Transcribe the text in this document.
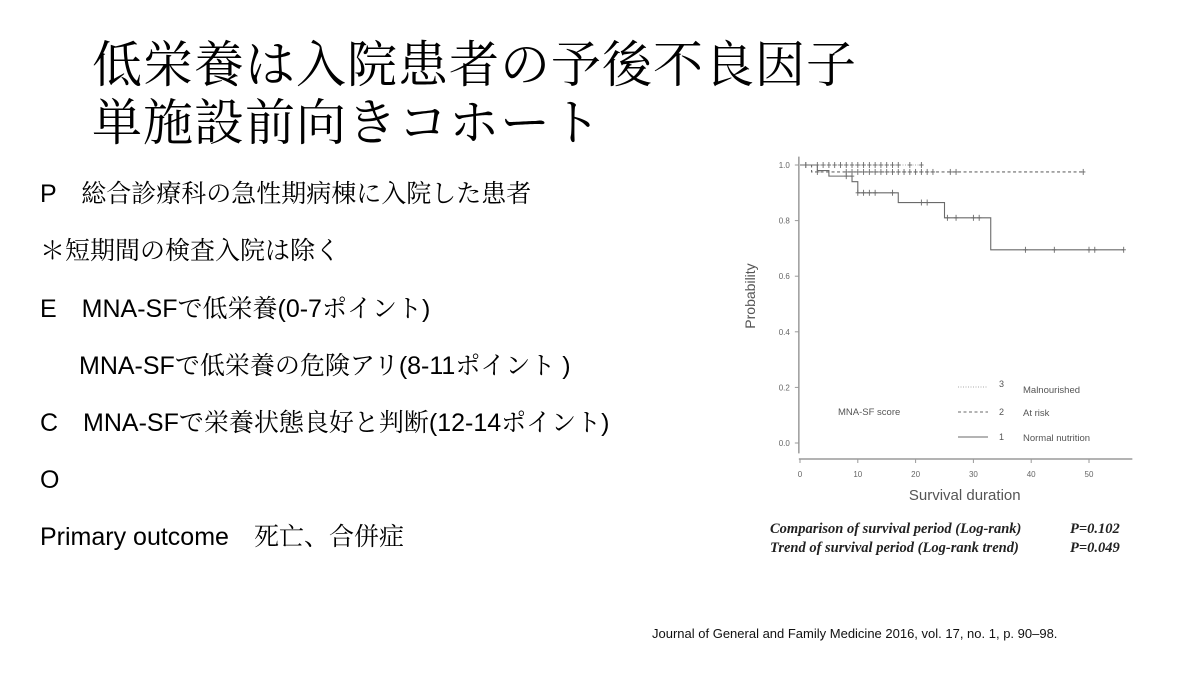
低栄養は入院患者の予後不良因子
単施設前向きコホート
P　総合診療科の急性期病棟に入院した患者
＊短期間の検査入院は除く
E　MNA-SFで低栄養(0-7ポイント)
　MNA-SFで低栄養の危険アリ(8-11ポイント )
C　MNA-SFで栄養状態良好と判断(12-14ポイント)
O
Primary outcome　死亡、合併症
0.0
0.2
0.4
0.6
0.8
1.0
0	10	20	30	40	50
Survival duration
Probability
MNA-SF score
3
Malnourished
2 At risk
1 Normal nutrition
Comparison of survival period (Log-rank)	P=0.102
Trend of survival period (Log-rank trend)	P=0.049
Journal of General and Family Medicine 2016, vol. 17, no. 1, p. 90–98.
